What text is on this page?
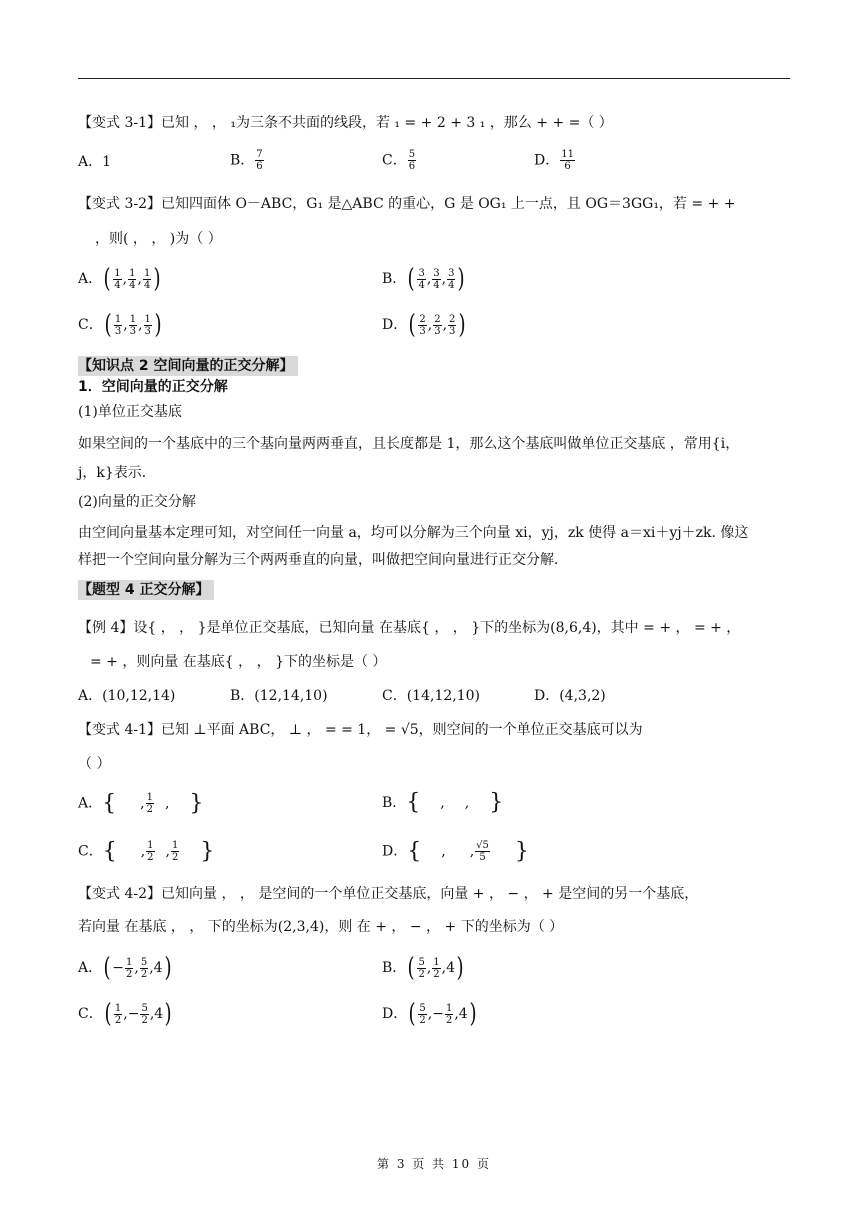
【变式 3-1】已知 ， ， ₁为三条不共面的线段，若 ₁ = + 2 + 3 ₁ ，那么 + + =（ ）
A．1	B． $\frac{7}{6}$	C． $\frac{5}{6}$	D． $\frac{11}{6}$
【变式 3-2】已知四面体 O－ABC，G₁ 是△ABC 的重心，G 是 OG₁ 上一点，且 OG＝3GG₁，若 = + +
，则( ， ， )为（ ）
A．( $\frac{1}{4}$ , $\frac{1}{4}$ , $\frac{1}{4}$ )	B．( $\frac{3}{4}$ , $\frac{3}{4}$ , $\frac{3}{4}$ )
C．( $\frac{1}{3}$ , $\frac{1}{3}$ , $\frac{1}{3}$ )	D．( $\frac{2}{3}$ , $\frac{2}{3}$ , $\frac{2}{3}$ )
【知识点 2 空间向量的正交分解】
1．空间向量的正交分解
(1)单位正交基底
如果空间的一个基底中的三个基向量两两垂直，且长度都是 1，那么这个基底叫做单位正交基底 ，常用{i，
j，k}表示．
(2)向量的正交分解
由空间向量基本定理可知，对空间任一向量 a，均可以分解为三个向量 xi，yj，zk 使得 a＝xi＋yj＋zk. 像这
样把一个空间向量分解为三个两两垂直的向量，叫做把空间向量进行正交分解．
【题型 4 正交分解】
【例 4】设{ ， ， }是单位正交基底，已知向量 在基底{ ， ， }下的坐标为(8,6,4)，其中 = + ， = + ，
= + ，则向量 在基底{ ， ， }下的坐标是（ ）
A．(10,12,14)	B．(12,14,10)	C．(14,12,10)	D．(4,3,2)
【变式 4-1】已知 ⊥平面 ABC， ⊥ ， = = 1， = √5，则空间的一个单位正交基底可以为
（ ）
A．{ , $\frac{1}{2}$ , }	B．{ , , }
C．{ , $\frac{1}{2}$ , $\frac{1}{2}$ }	D．{ , , $\frac{√5}{5}$ }
【变式 4-2】已知向量 ， ， 是空间的一个单位正交基底，向量 + ， − ， + 是空间的另一个基底，
若向量 在基底 ， ， 下的坐标为(2,3,4)，则 在 + ， − ， + 下的坐标为（ ）
A．( − $\frac{1}{2}$ , $\frac{5}{2} ,4$)	B．( $\frac{5}{2}$ , $\frac{1}{2} ,4$)
C．( $\frac{1}{2}$ ,− $\frac{5}{2} ,4$)	D．( $\frac{5}{2}$ ,− $\frac{1}{2} ,4$)
第 3 页 共 10 页
